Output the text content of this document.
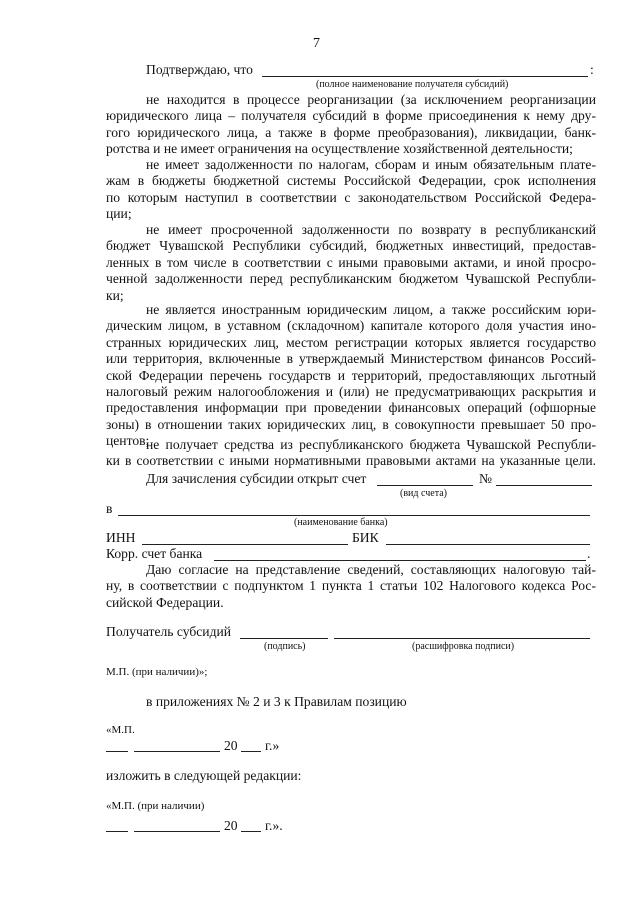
7
Подтверждаю, что	:
(полное наименование получателя субсидий)
не находится в процессе реорганизации (за исключением реорганизации
юридического лица – получателя субсидий в форме присоединения к нему дру-
гого юридического лица, а также в форме преобразования), ликвидации, банк-
ротства и не имеет ограничения на осуществление хозяйственной деятельности;
не имеет задолженности по налогам, сборам и иным обязательным плате-
жам в бюджеты бюджетной системы Российской Федерации, срок исполнения
по которым наступил в соответствии с законодательством Российской Федера-
ции;
не имеет просроченной задолженности по возврату в республиканский
бюджет Чувашской Республики субсидий, бюджетных инвестиций, предостав-
ленных в том числе в соответствии с иными правовыми актами, и иной просро-
ченной задолженности перед республиканским бюджетом Чувашской Республи-
ки;
не является иностранным юридическим лицом, а также российским юри-
дическим лицом, в уставном (складочном) капитале которого доля участия ино-
странных юридических лиц, местом регистрации которых является государство
или территория, включенные в утверждаемый Министерством финансов Россий-
ской Федерации перечень государств и территорий, предоставляющих льготный
налоговый режим налогообложения и (или) не предусматривающих раскрытия и
предоставления информации при проведении финансовых операций (офшорные
зоны) в отношении таких юридических лиц, в совокупности превышает 50 про-
центов;
не получает средства из республиканского бюджета Чувашской Республи-
ки в соответствии с иными нормативными правовыми актами на указанные цели.
Для зачисления субсидии открыт счет	№
(вид счета)
в
(наименование банка)
ИНН	БИК
Корр. счет банка	.
Даю согласие на представление сведений, составляющих налоговую тай-
ну, в соответствии с подпунктом 1 пункта 1 статьи 102 Налогового кодекса Рос-
сийской Федерации.
Получатель субсидий
(подпись)	(расшифровка подписи)
М.П. (при наличии)»;
в приложениях № 2 и 3 к Правилам позицию
«М.П.
20 г.»
изложить в следующей редакции:
«М.П. (при наличии)
20 г.».
